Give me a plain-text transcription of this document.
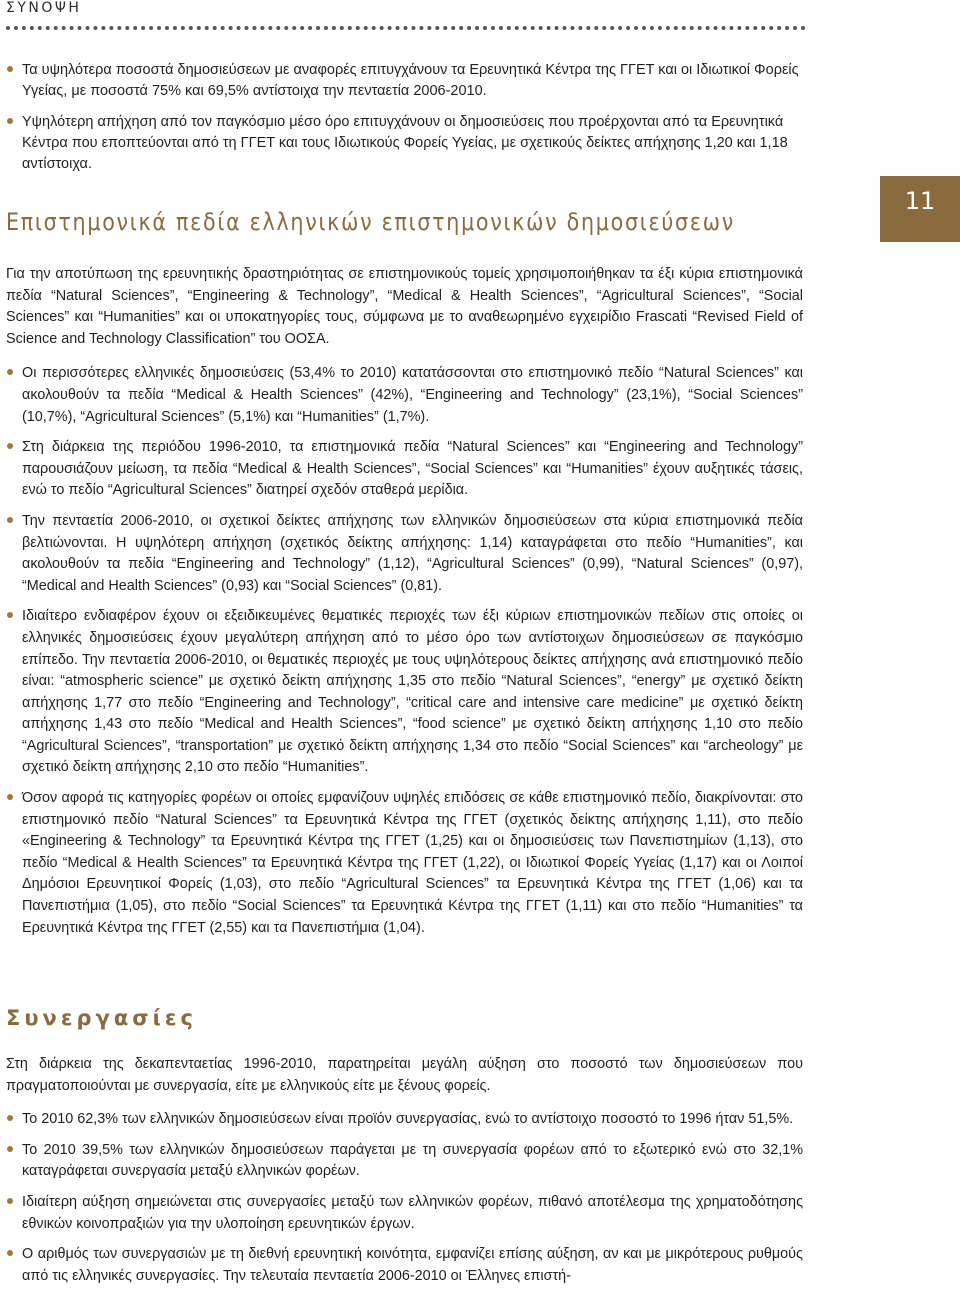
ΣΥΝΟΨΗ
11
Τα υψηλότερα ποσοστά δημοσιεύσεων με αναφορές επιτυγχάνουν τα Ερευνητικά Κέντρα της ΓΓΕΤ και οι Ιδιωτικοί Φορείς Υγείας, με ποσοστά 75% και 69,5% αντίστοιχα την πενταετία 2006-2010.
Υψηλότερη απήχηση από τον παγκόσμιο μέσο όρο επιτυγχάνουν οι δημοσιεύσεις που προέρχονται από τα Ερευνητικά Κέντρα που εποπτεύονται από τη ΓΓΕΤ και τους Ιδιωτικούς Φορείς Υγείας, με σχετικούς δείκτες απήχησης 1,20 και 1,18 αντίστοιχα.
Επιστημονικά πεδία ελληνικών επιστημονικών δημοσιεύσεων

Για την αποτύπωση της ερευνητικής δραστηριότητας σε επιστημονικούς τομείς χρησιμοποιήθηκαν τα έξι κύρια επιστημονικά πεδία “Natural Sciences”, “Engineering & Technology”, “Medical & Health Sciences”, “Agricultural Sciences”, “Social Sciences” και “Humanities” και οι υποκατηγορίες τους, σύμφωνα με το αναθεωρημένο εγχειρίδιο Frascati “Revised Field of Science and Technology Classification” του ΟΟΣΑ.

Οι περισσότερες ελληνικές δημοσιεύσεις (53,4% το 2010) κατατάσσονται στο επιστημονικό πεδίο “Natural Sciences” και ακολουθούν τα πεδία “Medical & Health Sciences” (42%), “Engineering and Technology” (23,1%), “Social Sciences” (10,7%), “Agricultural Sciences” (5,1%) και “Humanities” (1,7%).
Στη διάρκεια της περιόδου 1996-2010, τα επιστημονικά πεδία “Natural Sciences” και “Engineering and Technology” παρουσιάζουν μείωση, τα πεδία “Medical & Health Sciences”, “Social Sciences” και “Humanities” έχουν αυξητικές τάσεις, ενώ το πεδίο “Agricultural Sciences” διατηρεί σχεδόν σταθερά μερίδια.
Την πενταετία 2006-2010, οι σχετικοί δείκτες απήχησης των ελληνικών δημοσιεύσεων στα κύρια επιστημονικά πεδία βελτιώνονται. Η υψηλότερη απήχηση (σχετικός δείκτης απήχησης: 1,14) καταγράφεται στο πεδίο “Humanities”, και ακολουθούν τα πεδία “Engineering and Technology” (1,12), “Agricultural Sciences” (0,99), “Natural Sciences” (0,97), “Medical and Health Sciences” (0,93) και “Social Sciences” (0,81).
Ιδιαίτερο ενδιαφέρον έχουν οι εξειδικευμένες θεματικές περιοχές των έξι κύριων επιστημονικών πεδίων στις οποίες οι ελληνικές δημοσιεύσεις έχουν μεγαλύτερη απήχηση από το μέσο όρο των αντίστοιχων δημοσιεύσεων σε παγκόσμιο επίπεδο. Την πενταετία 2006-2010, οι θεματικές περιοχές με τους υψηλότερους δείκτες απήχησης ανά επιστημονικό πεδίο είναι: “atmospheric science” με σχετικό δείκτη απήχησης 1,35 στο πεδίο “Natural Sciences”, “energy” με σχετικό δείκτη απήχησης 1,77 στο πεδίο “Engineering and Technology”, “critical care and intensive care medicine” με σχετικό δείκτη απήχησης 1,43 στο πεδίο “Medical and Health Sciences”, “food science” με σχετικό δείκτη απήχησης 1,10 στο πεδίο “Agricultural Sciences”, “transportation” με σχετικό δείκτη απήχησης 1,34 στο πεδίο “Social Sciences” και “archeology” με σχετικό δείκτη απήχησης 2,10 στο πεδίο “Humanities”.
Όσον αφορά τις κατηγορίες φορέων οι οποίες εμφανίζουν υψηλές επιδόσεις σε κάθε επιστημονικό πεδίο, διακρίνονται: στο επιστημονικό πεδίο “Natural Sciences” τα Ερευνητικά Κέντρα της ΓΓΕΤ (σχετικός δείκτης απήχησης 1,11), στο πεδίο «Engineering & Technology” τα Ερευνητικά Κέντρα της ΓΓΕΤ (1,25) και οι δημοσιεύσεις των Πανεπιστημίων (1,13), στο πεδίο “Medical & Health Sciences” τα Ερευνητικά Κέντρα της ΓΓΕΤ (1,22), οι Ιδιωτικοί Φορείς Υγείας (1,17) και οι Λοιποί Δημόσιοι Ερευνητικοί Φορείς (1,03), στο πεδίο “Agricultural Sciences” τα Ερευνητικά Κέντρα της ΓΓΕΤ (1,06) και τα Πανεπιστήμια (1,05), στο πεδίο “Social Sciences” τα Ερευνητικά Κέντρα της ΓΓΕΤ (1,11) και στο πεδίο “Humanities” τα Ερευνητικά Κέντρα της ΓΓΕΤ (2,55) και τα Πανεπιστήμια (1,04).
Συνεργασίες

Στη διάρκεια της δεκαπενταετίας 1996-2010, παρατηρείται μεγάλη αύξηση στο ποσοστό των δημοσιεύσεων που πραγματοποιούνται με συνεργασία, είτε με ελληνικούς είτε με ξένους φορείς.

Το 2010 62,3% των ελληνικών δημοσιεύσεων είναι προϊόν συνεργασίας, ενώ το αντίστοιχο ποσοστό το 1996 ήταν 51,5%.
Το 2010 39,5% των ελληνικών δημοσιεύσεων παράγεται με τη συνεργασία φορέων από το εξωτερικό ενώ στο 32,1% καταγράφεται συνεργασία μεταξύ ελληνικών φορέων.
Ιδιαίτερη αύξηση σημειώνεται στις συνεργασίες μεταξύ των ελληνικών φορέων, πιθανό αποτέλεσμα της χρηματοδότησης εθνικών κοινοπραξιών για την υλοποίηση ερευνητικών έργων.
Ο αριθμός των συνεργασιών με τη διεθνή ερευνητική κοινότητα, εμφανίζει επίσης αύξηση, αν και με μικρότερους ρυθμούς από τις ελληνικές συνεργασίες. Την τελευταία πενταετία 2006-2010 οι Έλληνες επιστή-
